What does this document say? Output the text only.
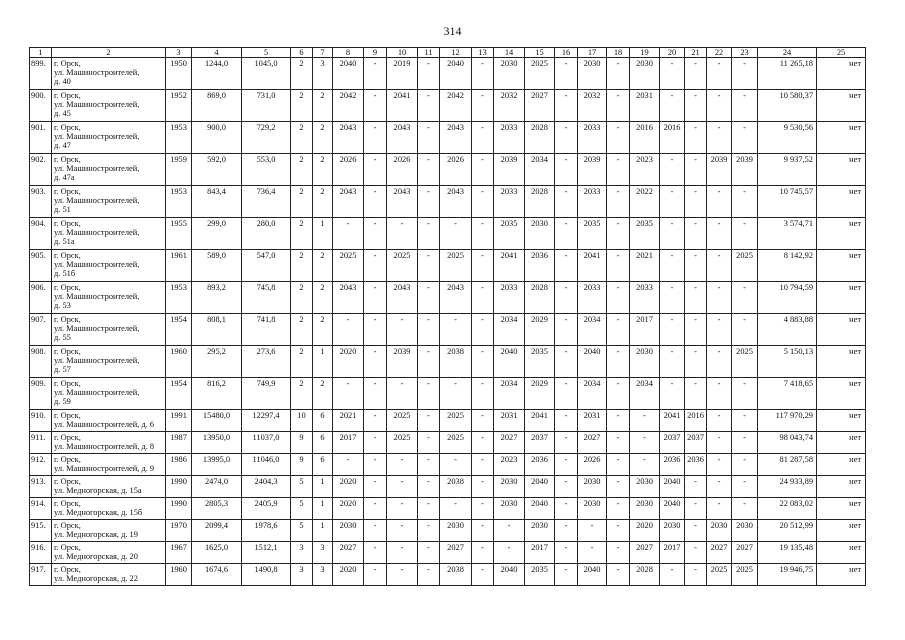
314
1	2	3	4	5	6	7	8	9	10	11	12	13	14	15	16	17	18	19	20	21	22	23	24	25
899.	г. Орск,
ул. Машиностроителей,
д. 40	1950	1244,0	1045,0	2	3	2040	-	2019	-	2040	-	2030	2025	-	2030	-	2030	-	-	-	-	11 265,18	нет
900.	г. Орск,
ул. Машиностроителей,
д. 45	1952	869,0	731,0	2	2	2042	-	2041	-	2042	-	2032	2027	-	2032	-	2031	-	-	-	-	10 580,37	нет
901.	г. Орск,
ул. Машиностроителей,
д. 47	1953	900,0	729,2	2	2	2043	-	2043	-	2043	-	2033	2028	-	2033	-	2016	2016	-	-	-	9 530,56	нет
902.	г. Орск,
ул. Машиностроителей,
д. 47а	1959	592,0	553,0	2	2	2026	-	2026	-	2026	-	2039	2034	-	2039	-	2023	-	-	2039	2039	9 937,52	нет
903.	г. Орск,
ул. Машиностроителей,
д. 51	1953	843,4	736,4	2	2	2043	-	2043	-	2043	-	2033	2028	-	2033	-	2022	-	-	-	-	10 745,57	нет
904.	г. Орск,
ул. Машиностроителей,
д. 51а	1955	299,0	280,0	2	1	-	-	-	-	-	-	2035	2030	-	2035	-	2035	-	-	-	-	3 574,71	нет
905.	г. Орск,
ул. Машиностроителей,
д. 51б	1961	589,0	547,0	2	2	2025	-	2025	-	2025	-	2041	2036	-	2041	-	2021	-	-	-	2025	8 142,92	нет
906.	г. Орск,
ул. Машиностроителей,
д. 53	1953	893,2	745,8	2	2	2043	-	2043	-	2043	-	2033	2028	-	2033	-	2033	-	-	-	-	10 794,59	нет
907.	г. Орск,
ул. Машиностроителей,
д. 55	1954	808,1	741,8	2	2	-	-	-	-	-	-	2034	2029	-	2034	-	2017	-	-	-	-	4 883,88	нет
908.	г. Орск,
ул. Машиностроителей,
д. 57	1960	295,2	273,6	2	1	2020	-	2039	-	2038	-	2040	2035	-	2040	-	2030	-	-	-	2025	5 150,13	нет
909.	г. Орск,
ул. Машиностроителей,
д. 59	1954	816,2	749,9	2	2	-	-	-	-	-	-	2034	2029	-	2034	-	2034	-	-	-	-	7 418,65	нет
910.	г. Орск,
ул. Машиностроителей, д. 6	1991	15480,0	12297,4	10	6	2021	-	2025	-	2025	-	2031	2041	-	2031	-	-	2041	2016	-	-	117 970,29	нет
911.	г. Орск,
ул. Машиностроителей, д. 8	1987	13950,0	11037,0	9	6	2017	-	2025	-	2025	-	2027	2037	-	2027	-	-	2037	2037	-	-	98 043,74	нет
912.	г. Орск,
ул. Машиностроителей, д. 9	1986	13995,0	11046,0	9	6	-	-	-	-	-	-	2023	2036	-	2026	-	-	2036	2036	-	-	81 287,58	нет
913.	г. Орск,
ул. Медногорская, д. 15а	1990	2474,0	2404,3	5	1	2020	-	-	-	2038	-	2030	2040	-	2030	-	2030	2040	-	-	-	24 933,89	нет
914.	г. Орск,
ул. Медногорская, д. 15б	1990	2805,3	2405,9	5	1	2020	-	-	-	-	-	2030	2040	-	2030	-	2030	2040	-	-	-	22 083,02	нет
915.	г. Орск,
ул. Медногорская, д. 19	1970	2099,4	1978,6	5	1	2030	-	-	-	2030	-	-	2030	-	-	-	2020	2030	-	2030	2030	20 512,99	нет
916.	г. Орск,
ул. Медногорская, д. 20	1967	1625,0	1512,1	3	3	2027	-	-	-	2027	-	-	2017	-	-	-	2027	2017	-	2027	2027	19 135,48	нет
917.	г. Орск,
ул. Медногорская, д. 22	1960	1674,6	1490,8	3	3	2020	-	-	-	2038	-	2040	2035	-	2040	-	2028	-	-	2025	2025	19 946,75	нет
